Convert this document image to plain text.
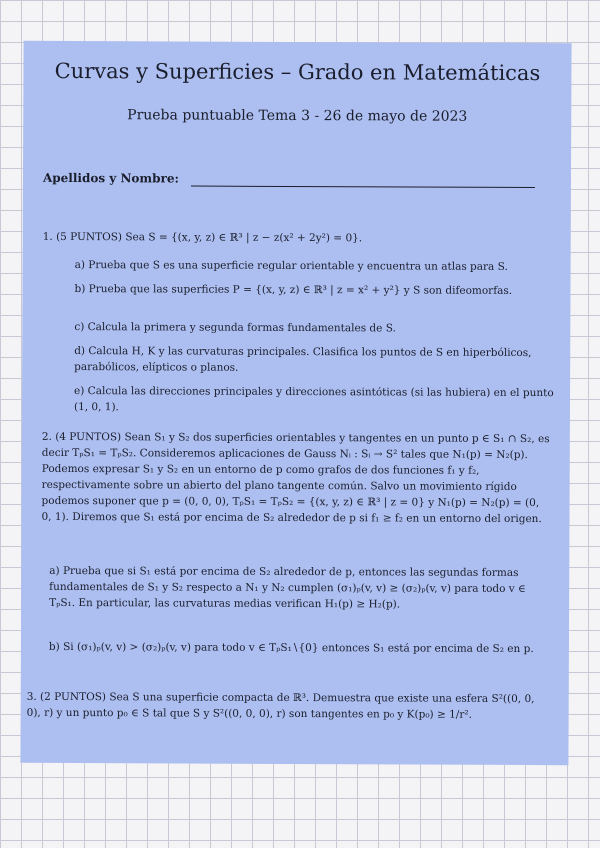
Curvas y Superficies – Grado en Matemáticas
Prueba puntuable Tema 3 - 26 de mayo de 2023
Apellidos y Nombre:
1. (5 PUNTOS) Sea S = {(x, y, z) ∈ ℝ³ | z − z(x² + 2y²) = 0}.
a) Prueba que S es una superficie regular orientable y encuentra un atlas para S.
b) Prueba que las superficies P = {(x, y, z) ∈ ℝ³ | z = x² + y²} y S son difeomorfas.
c) Calcula la primera y segunda formas fundamentales de S.
d) Calcula H, K y las curvaturas principales. Clasifica los puntos de S en hiperbólicos, parabólicos, elípticos o planos.
e) Calcula las direcciones principales y direcciones asintóticas (si las hubiera) en el punto (1, 0, 1).
2. (4 PUNTOS) Sean S₁ y S₂ dos superficies orientables y tangentes en un punto p ∈ S₁ ∩ S₂, es decir TₚS₁ = TₚS₂. Consideremos aplicaciones de Gauss Nᵢ : Sᵢ → S² tales que N₁(p) = N₂(p). Podemos expresar S₁ y S₂ en un entorno de p como grafos de dos funciones f₁ y f₂, respectivamente sobre un abierto del plano tangente común. Salvo un movimiento rígido podemos suponer que p = (0, 0, 0), TₚS₁ = TₚS₂ = {(x, y, z) ∈ ℝ³ | z = 0} y N₁(p) = N₂(p) = (0, 0, 1). Diremos que S₁ está por encima de S₂ alrededor de p si f₁ ≥ f₂ en un entorno del origen.
a) Prueba que si S₁ está por encima de S₂ alrededor de p, entonces las segundas formas fundamentales de S₁ y S₂ respecto a N₁ y N₂ cumplen (σ₁)ₚ(v, v) ≥ (σ₂)ₚ(v, v) para todo v ∈ TₚS₁. En particular, las curvaturas medias verifican H₁(p) ≥ H₂(p).
b) Si (σ₁)ₚ(v, v) > (σ₂)ₚ(v, v) para todo v ∈ TₚS₁∖{0} entonces S₁ está por encima de S₂ en p.
3. (2 PUNTOS) Sea S una superficie compacta de ℝ³. Demuestra que existe una esfera S²((0, 0, 0), r) y un punto p₀ ∈ S tal que S y S²((0, 0, 0), r) son tangentes en p₀ y K(p₀) ≥ 1/r².
